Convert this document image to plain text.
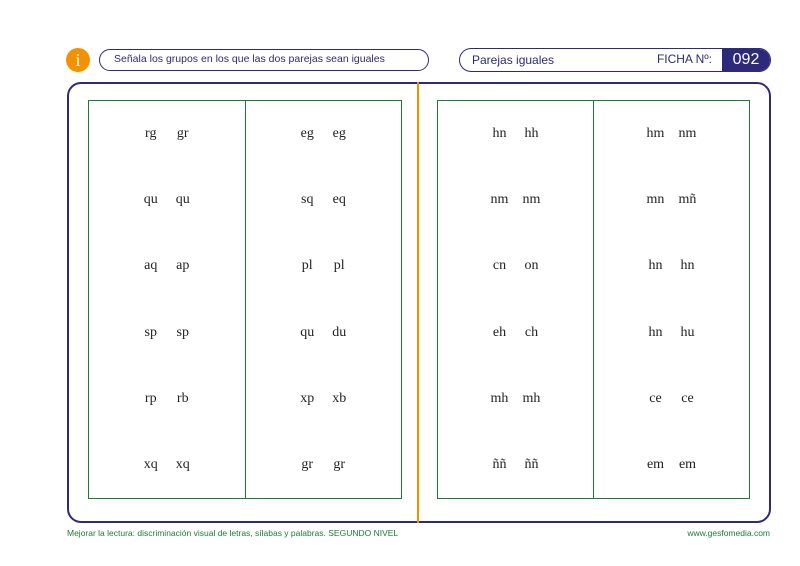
i	Señala los grupos en los que las dos parejas sean iguales	Parejas iguales	FICHA Nº:	092
rg	gr
qu	qu
aq	ap
sp	sp
rp	rb
xq	xq
eg	eg
sq	eq
pl	pl
qu	du
xp	xb
gr	gr
hn	hh
nm nm
cn	on
eh	ch
mh mh
ññ	ññ
hm nm
mn mñ
hn	hn
hn	hu
ce	ce
em	em
Mejorar la lectura: discriminación visual de letras, sílabas y palabras. SEGUNDO NIVEL	www.gesfomedia.com
